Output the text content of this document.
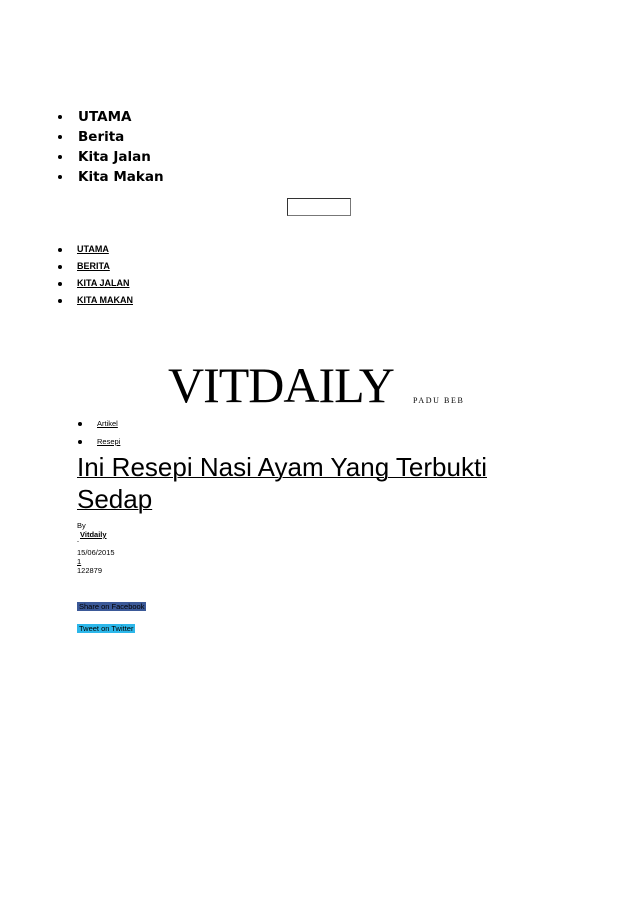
UTAMA
Berita
Kita Jalan
Kita Makan
UTAMA
BERITA
KITA JALAN
KITA MAKAN
VITDAILY PADU BEB
Artikel
Resepi
Ini Resepi Nasi Ayam Yang Terbukti Sedap
By
Vitdaily
-
15/06/2015
1
122879
Share on Facebook
Tweet on Twitter
